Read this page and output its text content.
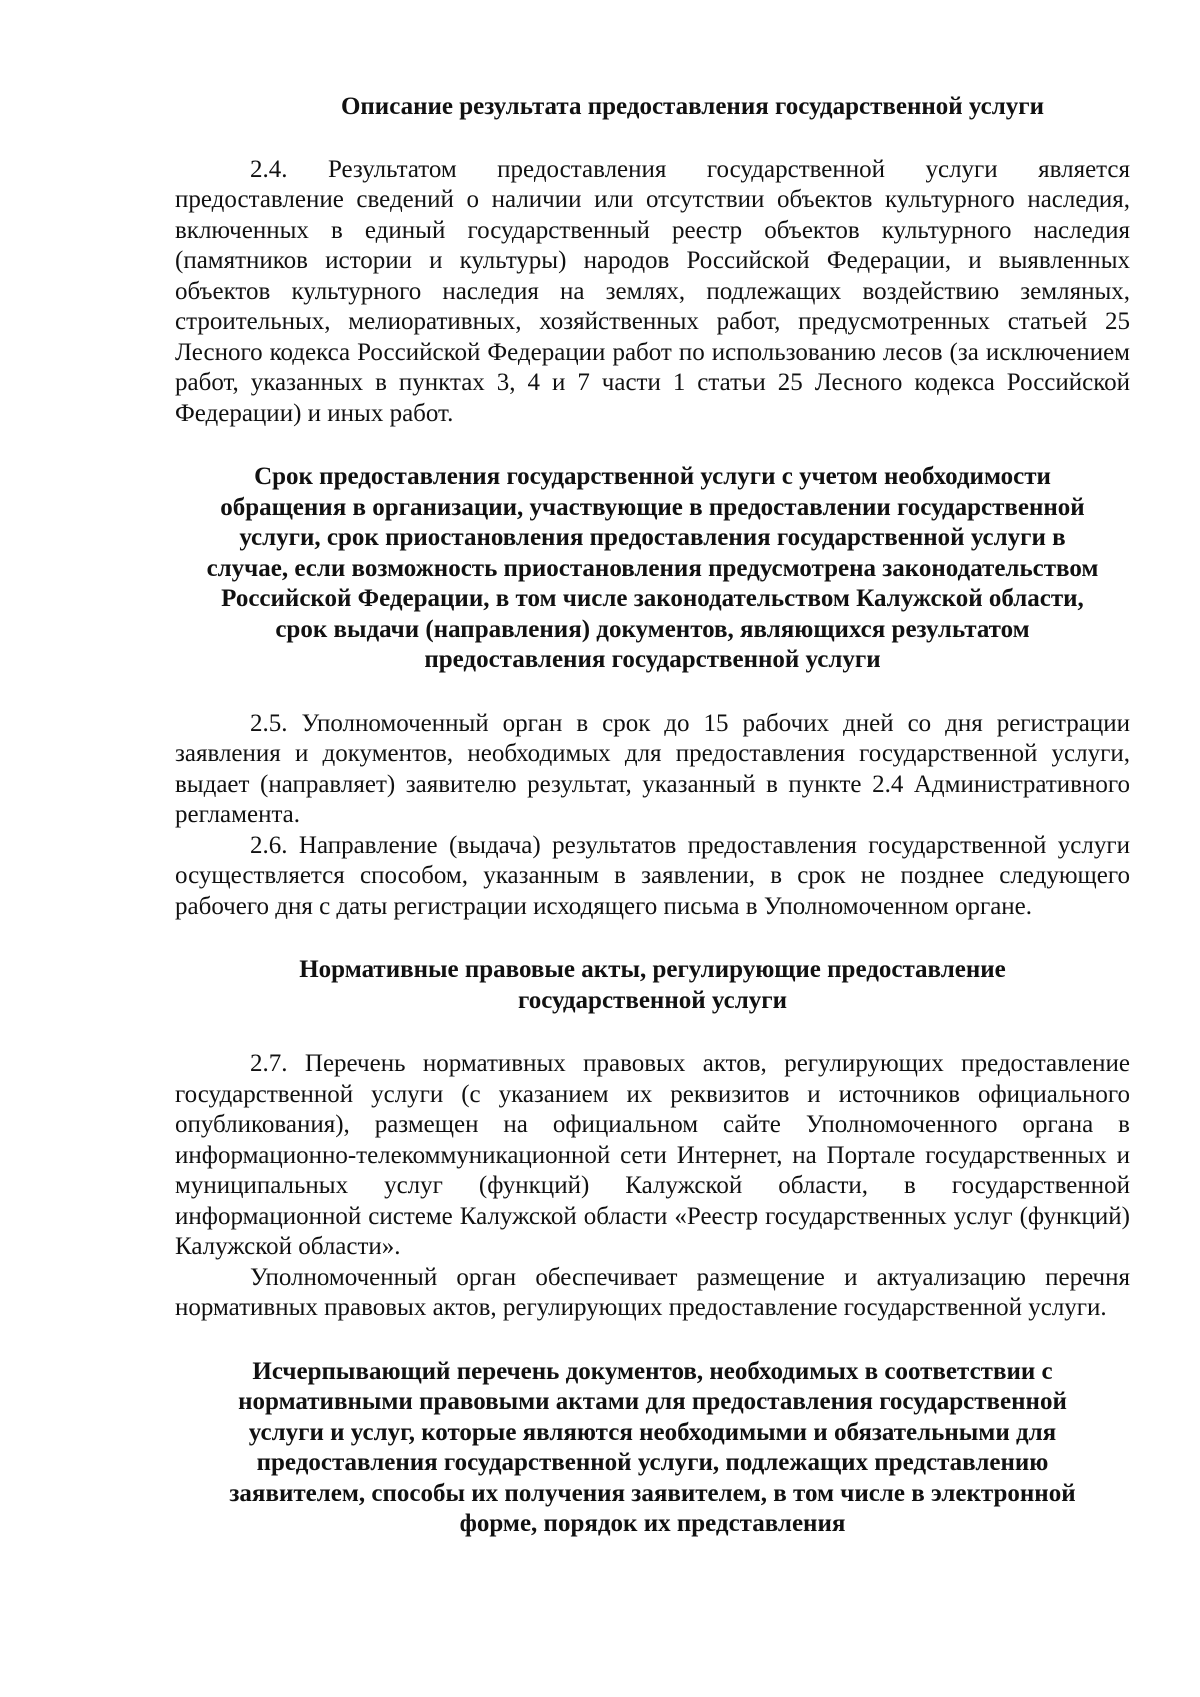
Описание результата предоставления государственной услуги

2.4. Результатом предоставления государственной услуги является предоставление сведений о наличии или отсутствии объектов культурного наследия, включенных в единый государственный реестр объектов культурного наследия (памятников истории и культуры) народов Российской Федерации, и выявленных объектов культурного наследия на землях, подлежащих воздействию земляных, строительных, мелиоративных, хозяйственных работ, предусмотренных статьей 25 Лесного кодекса Российской Федерации работ по использованию лесов (за исключением работ, указанных в пунктах 3, 4 и 7 части 1 статьи 25 Лесного кодекса Российской Федерации) и иных работ.

Срок предоставления государственной услуги с учетом необходимости
обращения в организации, участвующие в предоставлении государственной
услуги, срок приостановления предоставления государственной услуги в
случае, если возможность приостановления предусмотрена законодательством
Российской Федерации, в том числе законодательством Калужской области,
срок выдачи (направления) документов, являющихся результатом
предоставления государственной услуги

2.5. Уполномоченный орган в срок до 15 рабочих дней со дня регистрации заявления и документов, необходимых для предоставления государственной услуги, выдает (направляет) заявителю результат, указанный в пункте 2.4 Административного регламента.

2.6. Направление (выдача) результатов предоставления государственной услуги осуществляется способом, указанным в заявлении, в срок не позднее следующего рабочего дня с даты регистрации исходящего письма в Уполномоченном органе.

Нормативные правовые акты, регулирующие предоставление
государственной услуги

2.7. Перечень нормативных правовых актов, регулирующих предоставление государственной услуги (с указанием их реквизитов и источников официального опубликования), размещен на официальном сайте Уполномоченного органа в информационно-телекоммуникационной сети Интернет, на Портале государственных и муниципальных услуг (функций) Калужской области, в государственной информационной системе Калужской области «Реестр государственных услуг (функций) Калужской области».

Уполномоченный орган обеспечивает размещение и актуализацию перечня нормативных правовых актов, регулирующих предоставление государственной услуги.

Исчерпывающий перечень документов, необходимых в соответствии с
нормативными правовыми актами для предоставления государственной
услуги и услуг, которые являются необходимыми и обязательными для
предоставления государственной услуги, подлежащих представлению
заявителем, способы их получения заявителем, в том числе в электронной
форме, порядок их представления
